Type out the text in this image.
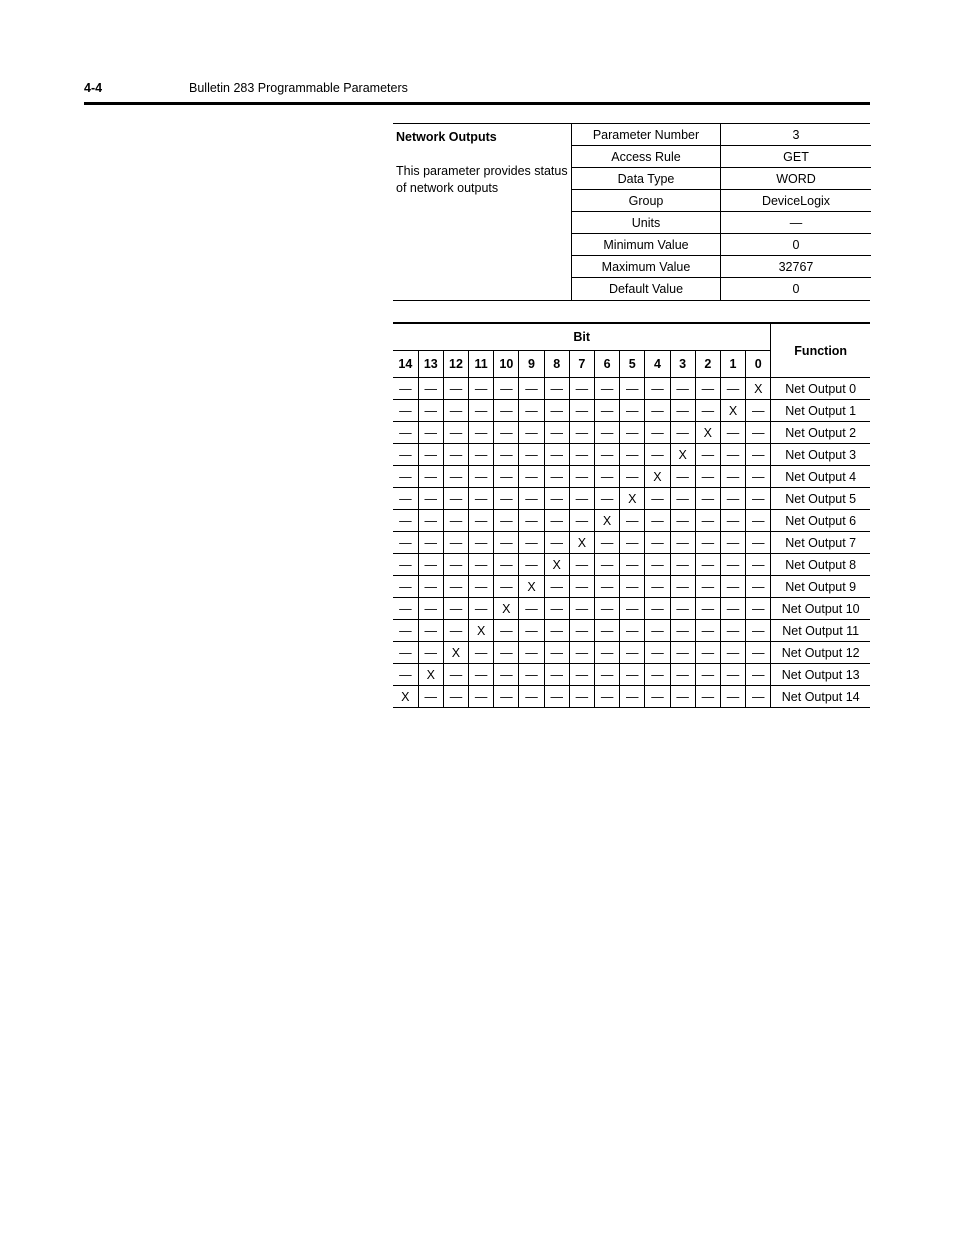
4-4	Bulletin 283 Programmable Parameters
Network Outputs
This parameter provides status of network outputs
Parameter Number	3
Access Rule	GET
Data Type	WORD
Group	DeviceLogix
Units	—
Minimum Value	0
Maximum Value	32767
Default Value	0
Bit															Function
14	13	12	11	10	9	8	7	6	5	4	3	2	1	0	
—	—	—	—	—	—	—	—	—	—	—	—	—	—	X	Net Output 0
—	—	—	—	—	—	—	—	—	—	—	—	—	X	—	Net Output 1
—	—	—	—	—	—	—	—	—	—	—	—	X	—	—	Net Output 2
—	—	—	—	—	—	—	—	—	—	—	X	—	—	—	Net Output 3
—	—	—	—	—	—	—	—	—	—	X	—	—	—	—	Net Output 4
—	—	—	—	—	—	—	—	—	X	—	—	—	—	—	Net Output 5
—	—	—	—	—	—	—	—	X	—	—	—	—	—	—	Net Output 6
—	—	—	—	—	—	—	X	—	—	—	—	—	—	—	Net Output 7
—	—	—	—	—	—	X	—	—	—	—	—	—	—	—	Net Output 8
—	—	—	—	—	X	—	—	—	—	—	—	—	—	—	Net Output 9
—	—	—	—	X	—	—	—	—	—	—	—	—	—	—	Net Output 10
—	—	—	X	—	—	—	—	—	—	—	—	—	—	—	Net Output 11
—	—	X	—	—	—	—	—	—	—	—	—	—	—	—	Net Output 12
—	X	—	—	—	—	—	—	—	—	—	—	—	—	—	Net Output 13
X	—	—	—	—	—	—	—	—	—	—	—	—	—	—	Net Output 14
